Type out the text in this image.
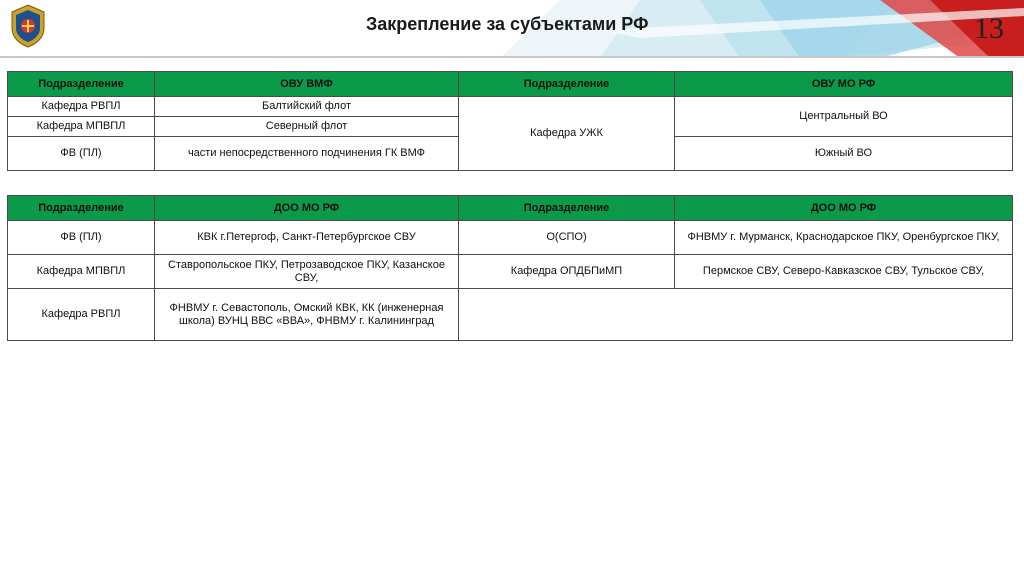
Закрепление за субъектами РФ	13
Подразделение	ОВУ ВМФ	Подразделение	ОВУ МО РФ
Кафедра РВПЛ	Балтийский флот	Кафедра УЖК	Центральный ВО
Кафедра МПВПЛ	Северный флот		
ФВ (ПЛ)	части непосредственного подчинения ГК ВМФ		Южный ВО
Подразделение	ДОО МО РФ	Подразделение	ДОО МО РФ
ФВ (ПЛ)	КВК г.Петергоф, Санкт-Петербургское СВУ	О(СПО)	ФНВМУ г. Мурманск, Краснодарское ПКУ, Оренбургское ПКУ,
Кафедра МПВПЛ	Ставропольское ПКУ, Петрозаводское ПКУ, Казанское СВУ,	Кафедра ОПДБПиМП	Пермское СВУ, Северо-Кавказское СВУ, Тульское СВУ,
Кафедра РВПЛ	ФНВМУ г. Севастополь, Омский КВК, КК (инженерная школа) ВУНЦ ВВС «ВВА», ФНВМУ г. Калининград		
